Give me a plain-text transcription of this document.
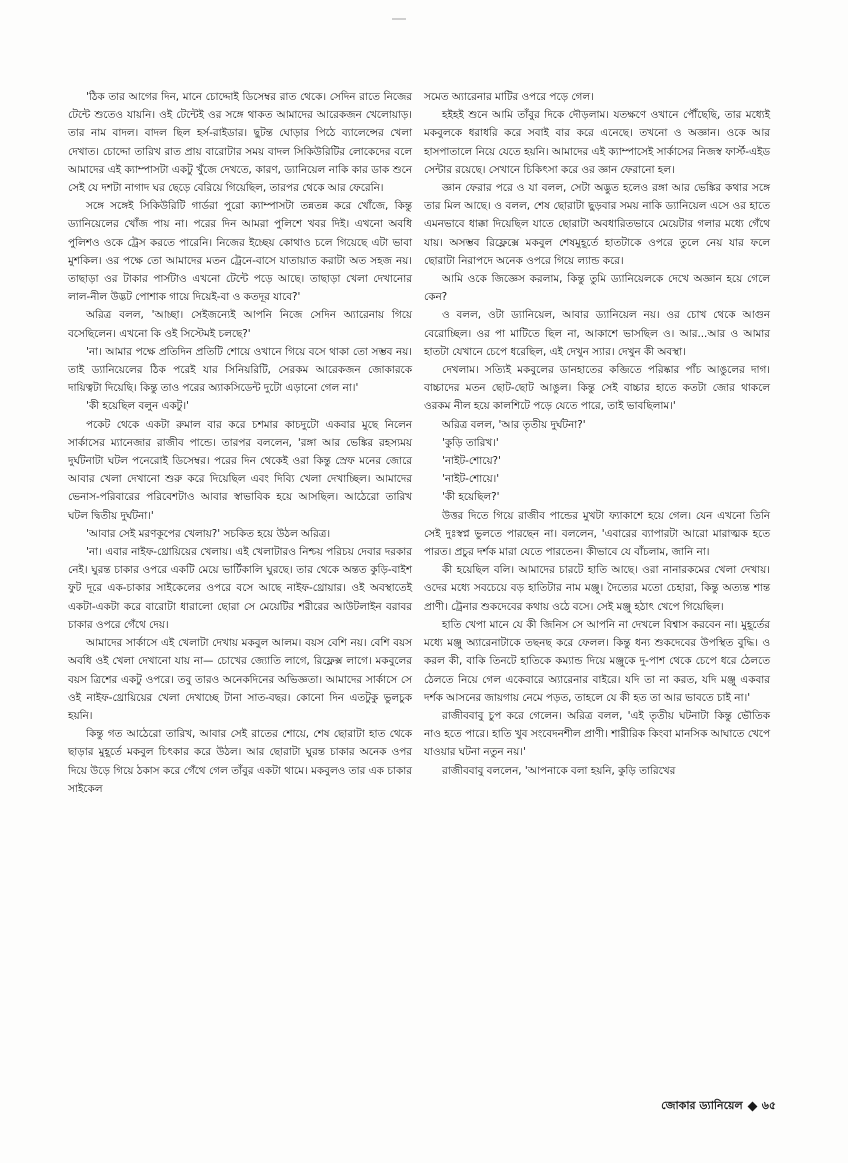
'ঠিক তার আগের দিন, মানে চোদ্দোই ডিসেম্বর রাত থেকে। সেদিন রাতে নিজের টেন্টে শুতেও যায়নি। ওই টেন্টেই ওর সঙ্গে থাকত আমাদের আরেকজন খেলোয়াড়। তার নাম বাদল। বাদল ছিল হর্স-রাইডার। ছুটন্ত ঘোড়ার পিঠে ব্যালেন্সের খেলা দেখাত। চোদ্দো তারিখ রাত প্রায় বারোটার সময় বাদল সিকিউরিটির লোকেদের বলে আমাদের এই ক্যাম্পাসটা একটু খুঁজে দেখতে, কারণ, ড্যানিয়েল নাকি কার ডাক শুনে সেই যে দশটা নাগাদ ঘর ছেড়ে বেরিয়ে গিয়েছিল, তারপর থেকে আর ফেরেনি।

সঙ্গে সঙ্গেই সিকিউরিটি গার্ডরা পুরো ক্যাম্পাসটা তন্নতন্ন করে খোঁজে, কিন্তু ড্যানিয়েলের খোঁজ পায় না। পরের দিন আমরা পুলিশে খবর দিই। এখনো অবধি পুলিশও ওকে ট্রেস করতে পারেনি। নিজের ইচ্ছেয় কোথাও চলে গিয়েছে এটা ভাবা মুশকিল। ওর পক্ষে তো আমাদের মতন ট্রেনে-বাসে যাতায়াত করাটা অত সহজ নয়। তাছাড়া ওর টাকার পার্সটাও এখনো টেন্টে পড়ে আছে। তাছাড়া খেলা দেখানোর লাল-নীল উদ্ভট পোশাক গায়ে দিয়েই-বা ও কতদূর যাবে?'

অরিত্র বলল, 'আচ্ছা। সেইজন্যেই আপনি নিজে সেদিন অ্যারেনায় গিয়ে বসেছিলেন। এখনো কি ওই সিস্টেমই চলছে?'

'না। আমার পক্ষে প্রতিদিন প্রতিটি শোয়ে ওখানে গিয়ে বসে থাকা তো সম্ভব নয়। তাই ড্যানিয়েলের ঠিক পরেই যার সিনিয়রিটি, সেরকম আরেকজন জোকারকে দায়িত্বটা দিয়েছি। কিন্তু তাও পরের অ্যাকসিডেন্ট দুটো এড়ানো গেল না।'

'কী হয়েছিল বলুন একটু।'

পকেট থেকে একটা রুমাল বার করে চশমার কাচদুটো একবার মুছে নিলেন সার্কাসের ম্যানেজার রাজীব পান্ডে। তারপর বললেন, 'রঙ্গা আর ভেঙ্কির রহস্যময় দুর্ঘটনাটা ঘটল পনেরোই ডিসেম্বর। পরের দিন থেকেই ওরা কিন্তু স্রেফ মনের জোরে আবার খেলা দেখানো শুরু করে দিয়েছিল এবং দিব্যি খেলা দেখাচ্ছিল। আমাদের ভেনাস-পরিবারের পরিবেশটাও আবার স্বাভাবিক হয়ে আসছিল। আঠেরো তারিখ ঘটল দ্বিতীয় দুর্ঘটনা।'

'আবার সেই মরণকূপের খেলায়?' সচকিত হয়ে উঠল অরিত্র।

'না। এবার নাইফ-থ্রোয়িয়ের খেলায়। এই খেলাটারও নিশ্চয় পরিচয় দেবার দরকার নেই। ঘুরন্ত চাকার ওপরে একটি মেয়ে ভার্টিকালি ঘুরছে। তার থেকে অন্তত কুড়ি-বাইশ ফুট দূরে এক-চাকার সাইকেলের ওপরে বসে আছে নাইফ-থ্রোয়ার। ওই অবস্থাতেই একটা-একটা করে বারোটা ধারালো ছোরা সে মেয়েটির শরীরের আউটলাইন বরাবর চাকার ওপরে গেঁথে দেয়।

আমাদের সার্কাসে এই খেলাটা দেখায় মকবুল আলম। বয়স বেশি নয়। বেশি বয়স অবধি ওই খেলা দেখানো যায় না— চোখের জ্যোতি লাগে, রিফ্লেক্স লাগে। মকবুলের বয়স ত্রিশের একটু ওপরে। তবু তারও অনেকদিনের অভিজ্ঞতা। আমাদের সার্কাসে সে ওই নাইফ-থ্রোয়িয়ের খেলা দেখাচ্ছে টানা সাত-বছর। কোনো দিন এতটুকু ভুলচুক হয়নি।

কিন্তু গত আঠেরো তারিখ, আবার সেই রাতের শোয়ে, শেষ ছোরাটা হাত থেকে ছাড়ার মুহূর্তে মকবুল চিৎকার করে উঠল। আর ছোরাটা ঘুরন্ত চাকার অনেক ওপর দিয়ে উড়ে গিয়ে ঠকাস করে গেঁথে গেল তাঁবুর একটা থামে। মকবুলও তার এক চাকার সাইকেল

সমেত অ্যারেনার মাটির ওপরে পড়ে গেল।

হইহই শুনে আমি তাঁবুর দিকে দৌড়লাম। যতক্ষণে ওখানে পৌঁছেছি, তার মধ্যেই মকবুলকে ধরাধরি করে সবাই বার করে এনেছে। তখনো ও অজ্ঞান। ওকে আর হাসপাতালে নিয়ে যেতে হয়নি। আমাদের এই ক্যাম্পাসেই সার্কাসের নিজস্ব ফার্স্ট-এইড সেন্টার রয়েছে। সেখানে চিকিৎসা করে ওর জ্ঞান ফেরানো হল।

জ্ঞান ফেরার পরে ও যা বলল, সেটা অদ্ভুত হলেও রঙ্গা আর ভেঙ্কির কথার সঙ্গে তার মিল আছে। ও বলল, শেষ ছোরাটা ছুড়বার সময় নাকি ড্যানিয়েল এসে ওর হাতে এমনভাবে ধাক্কা দিয়েছিল যাতে ছোরাটা অবধারিতভাবে মেয়েটার গলার মধ্যে গেঁথে যায়। অসম্ভব রিফ্লেক্সে মকবুল শেষমুহূর্তে হাতটাকে ওপরে তুলে নেয় যার ফলে ছোরাটা নিরাপদে অনেক ওপরে গিয়ে ল্যান্ড করে।

আমি ওকে জিজ্ঞেস করলাম, কিন্তু তুমি ড্যানিয়েলকে দেখে অজ্ঞান হয়ে গেলে কেন?

ও বলল, ওটা ড্যানিয়েল, আবার ড্যানিয়েল নয়। ওর চোখ থেকে আগুন বেরোচ্ছিল। ওর পা মাটিতে ছিল না, আকাশে ভাসছিল ও। আর...আর ও আমার হাতটা যেখানে চেপে ধরেছিল, এই দেখুন স্যার। দেখুন কী অবস্থা।

দেখলাম। সত্যিই মকবুলের ডানহাতের কব্জিতে পরিষ্কার পাঁচ আঙুলের দাগ। বাচ্চাদের মতন ছোট-ছোট আঙুল। কিন্তু সেই বাচ্চার হাতে কতটা জোর থাকলে ওরকম নীল হয়ে কালশিটে পড়ে যেতে পারে, তাই ভাবছিলাম।'

অরিত্র বলল, 'আর তৃতীয় দুর্ঘটনা?'

'কুড়ি তারিখ।'

'নাইট-শোয়ে?'

'নাইট-শোয়ে।'

'কী হয়েছিল?'

উত্তর দিতে গিয়ে রাজীব পান্ডের মুখটা ফ্যাকাশে হয়ে গেল। যেন এখনো তিনি সেই দুঃস্বপ্ন ভুলতে পারছেন না। বললেন, 'এবারের ব্যাপারটা আরো মারাত্মক হতে পারত। প্রচুর দর্শক মারা যেতে পারতেন। কীভাবে যে বাঁচলাম, জানি না।

কী হয়েছিল বলি। আমাদের চারটে হাতি আছে। ওরা নানারকমের খেলা দেখায়। ওদের মধ্যে সবচেয়ে বড় হাতিটার নাম মঞ্জু। দৈত্যের মতো চেহারা, কিন্তু অত্যন্ত শান্ত প্রাণী। ট্রেনার শুকদেবের কথায় ওঠে বসে। সেই মঞ্জু হঠাৎ খেপে গিয়েছিল।

হাতি খেপা মানে যে কী জিনিস সে আপনি না দেখলে বিশ্বাস করবেন না। মুহূর্তের মধ্যে মঞ্জু অ্যারেনাটাকে তছনছ করে ফেলল। কিন্তু ধন্য শুকদেবের উপস্থিত বুদ্ধি। ও করল কী, বাকি তিনটে হাতিকে কম্যান্ড দিয়ে মঞ্জুকে দু-পাশ থেকে চেপে ধরে ঠেলতে ঠেলতে নিয়ে গেল একেবারে অ্যারেনার বাইরে। যদি তা না করত, যদি মঞ্জু একবার দর্শক আসনের জায়গায় নেমে পড়ত, তাহলে যে কী হত তা আর ভাবতে চাই না।'

রাজীববাবু চুপ করে গেলেন। অরিত্র বলল, 'এই তৃতীয় ঘটনাটা কিন্তু ভৌতিক নাও হতে পারে। হাতি খুব সংবেদনশীল প্রাণী। শারীরিক কিংবা মানসিক আঘাতে খেপে যাওয়ার ঘটনা নতুন নয়।'

রাজীববাবু বললেন, 'আপনাকে বলা হয়নি, কুড়ি তারিখের

জোকার ড্যানিয়েল ৬৫
